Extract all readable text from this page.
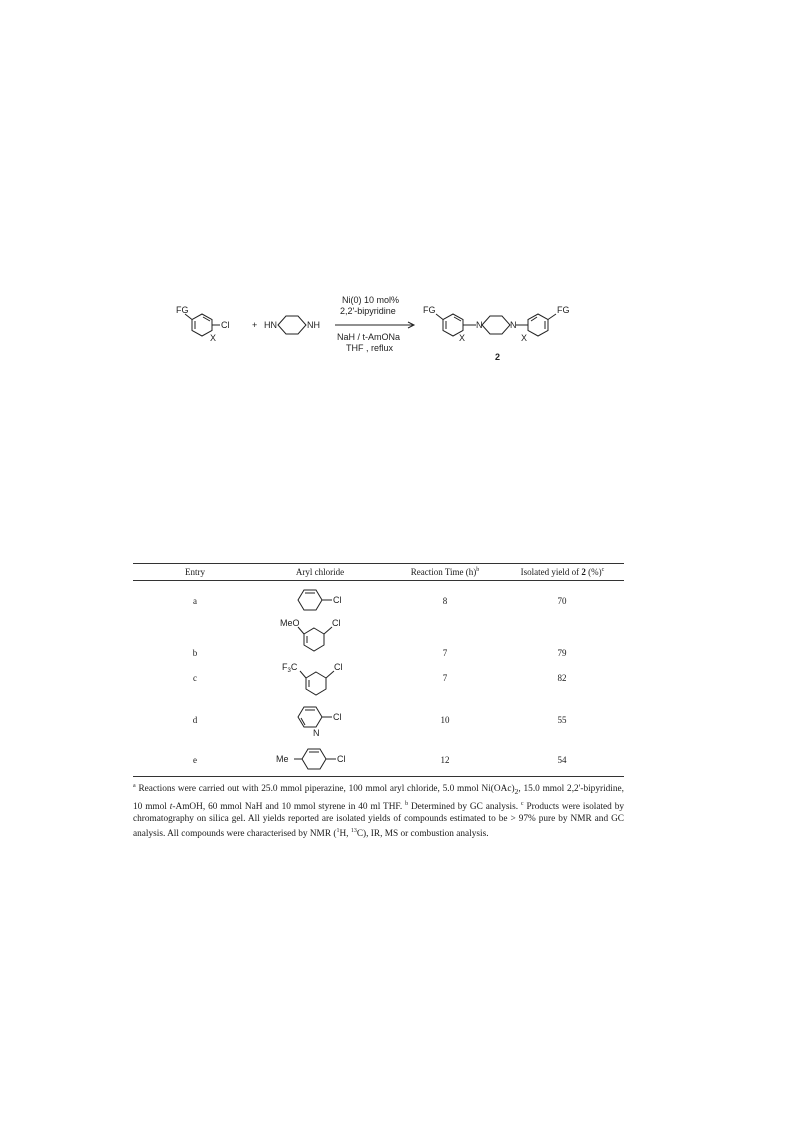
FG
X
Cl	+ HN	NH
Ni(0) 10 mol%
2,2'-bipyridine
NaH / t-AmONa
THF , reflux
FG
X
N	N
X
FG
2
Entry	Aryl chloride	Reaction Time $(h)^b$	Isolated yield of 2 (%)$^c$
a	8	70
Cl
b	7	79
MeO	Cl
c	7	82
$F_3C$	Cl
d	10	55
Cl
N
e	12	54
Me	Cl
$^a$ Reactions were carried out with 25.0 mmol piperazine, 100 mmol aryl chloride, 5.0 mmol $Ni(OAc)_2$, 15.0 mmol 2,2'-bipyridine, 10 mmol t-AmOH, 60 mmol NaH and 10 mmol styrene in 40 ml THF. $^b$ Determined by GC analysis. $^c$ Products were isolated by chromatography on silica gel. All yields reported are isolated yields of compounds estimated to be > 97% pure by NMR and GC analysis. All compounds were characterised by NMR ($^1$H, $^{13}$C), IR, MS or combustion analysis.
